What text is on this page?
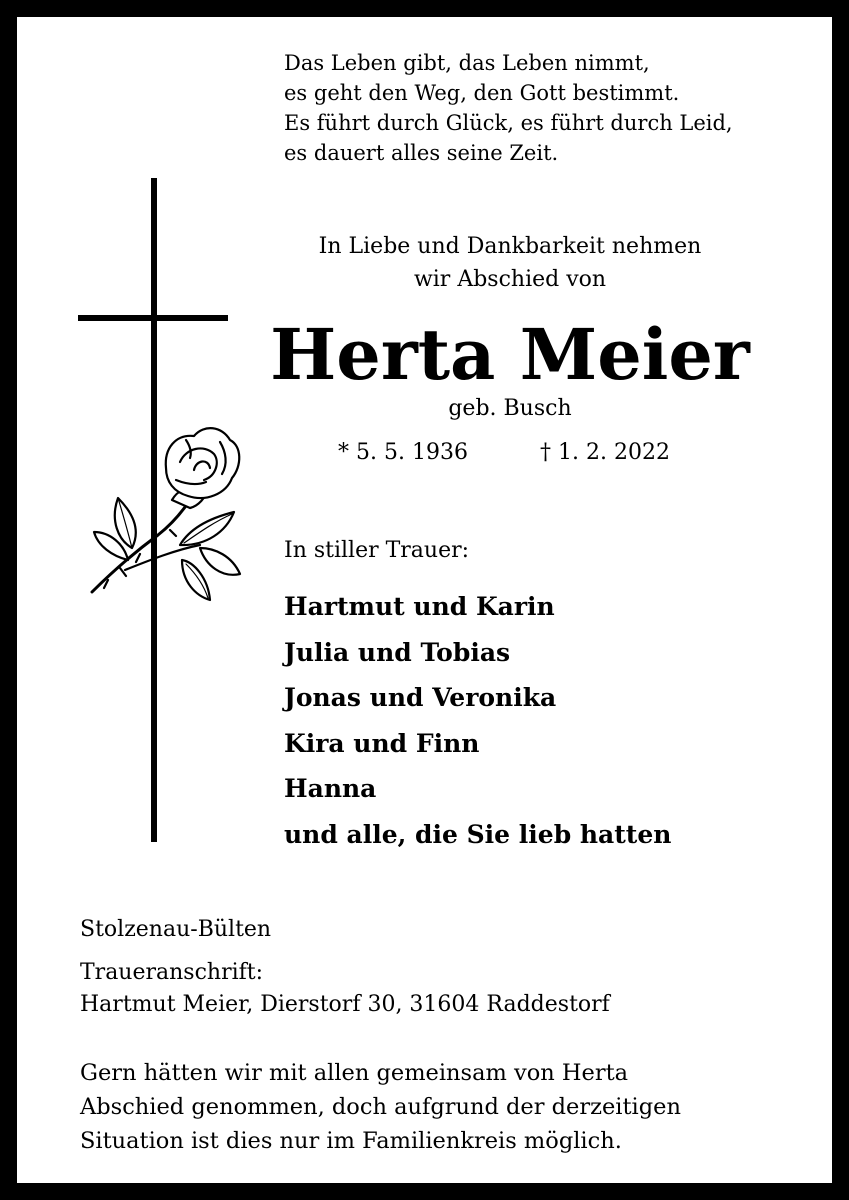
Das Leben gibt, das Leben nimmt,
es geht den Weg, den Gott bestimmt.
Es führt durch Glück, es führt durch Leid,
es dauert alles seine Zeit.
In Liebe und Dankbarkeit nehmen
wir Abschied von
Herta Meier
geb. Busch
* 5. 5. 1936	† 1. 2. 2022
In stiller Trauer:
Hartmut und Karin
Julia und Tobias
Jonas und Veronika
Kira und Finn
Hanna
und alle, die Sie lieb hatten
Stolzenau-Bülten
Traueranschrift:
Hartmut Meier, Dierstorf 30, 31604 Raddestorf
Gern hätten wir mit allen gemeinsam von Herta
Abschied genommen, doch aufgrund der derzeitigen
Situation ist dies nur im Familienkreis möglich.
